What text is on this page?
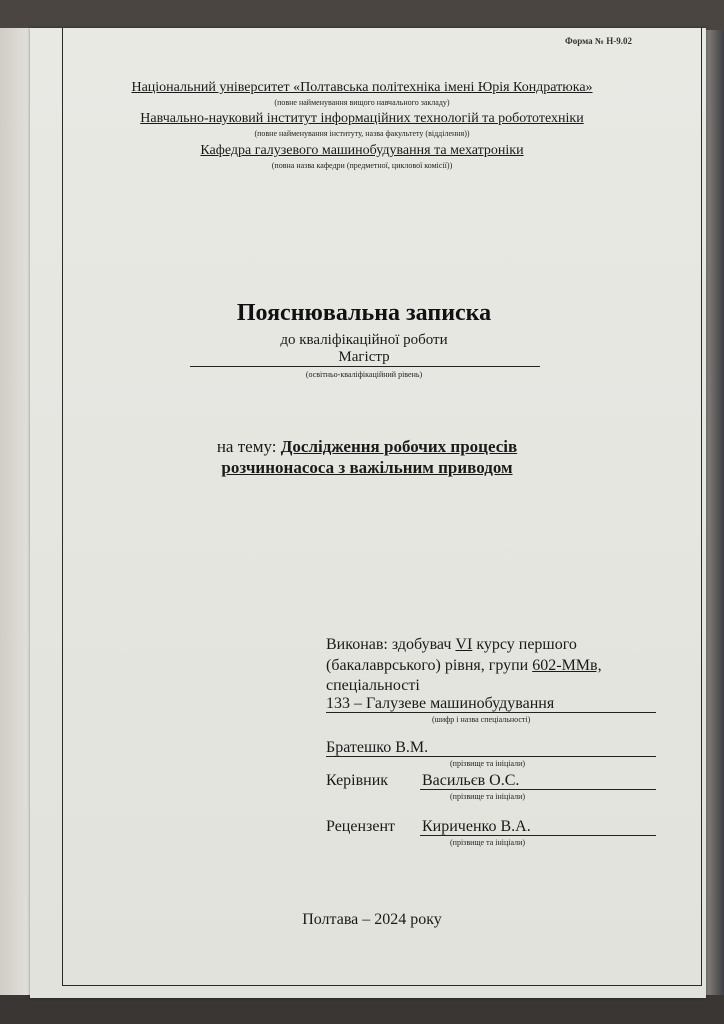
Форма № Н-9.02
Національний університет «Полтавська політехніка імені Юрія Кондратюка»
(повне найменування вищого навчального закладу)
Навчально-науковий інститут інформаційних технологій та робототехніки
(повне найменування інституту, назва факультету (відділення))
Кафедра галузевого машинобудування та мехатроніки
(повна назва кафедри (предметної, циклової комісії))
Пояснювальна записка
до кваліфікаційної роботи
Магістр
(освітньо-кваліфікаційний рівень)
на тему: Дослідження робочих процесів
розчинонасоса з важільним приводом
Виконав: здобувач VI курсу першого
(бакалаврського) рівня, групи 602-ММв,
спеціальності
133 – Галузеве машинобудування
(шифр і назва спеціальності)
Братешко В.М.
(прізвище та ініціали)
Керівник Васильєв О.С.
(прізвище та ініціали)
Рецензент Кириченко В.А.
(прізвище та ініціали)
Полтава – 2024 року
